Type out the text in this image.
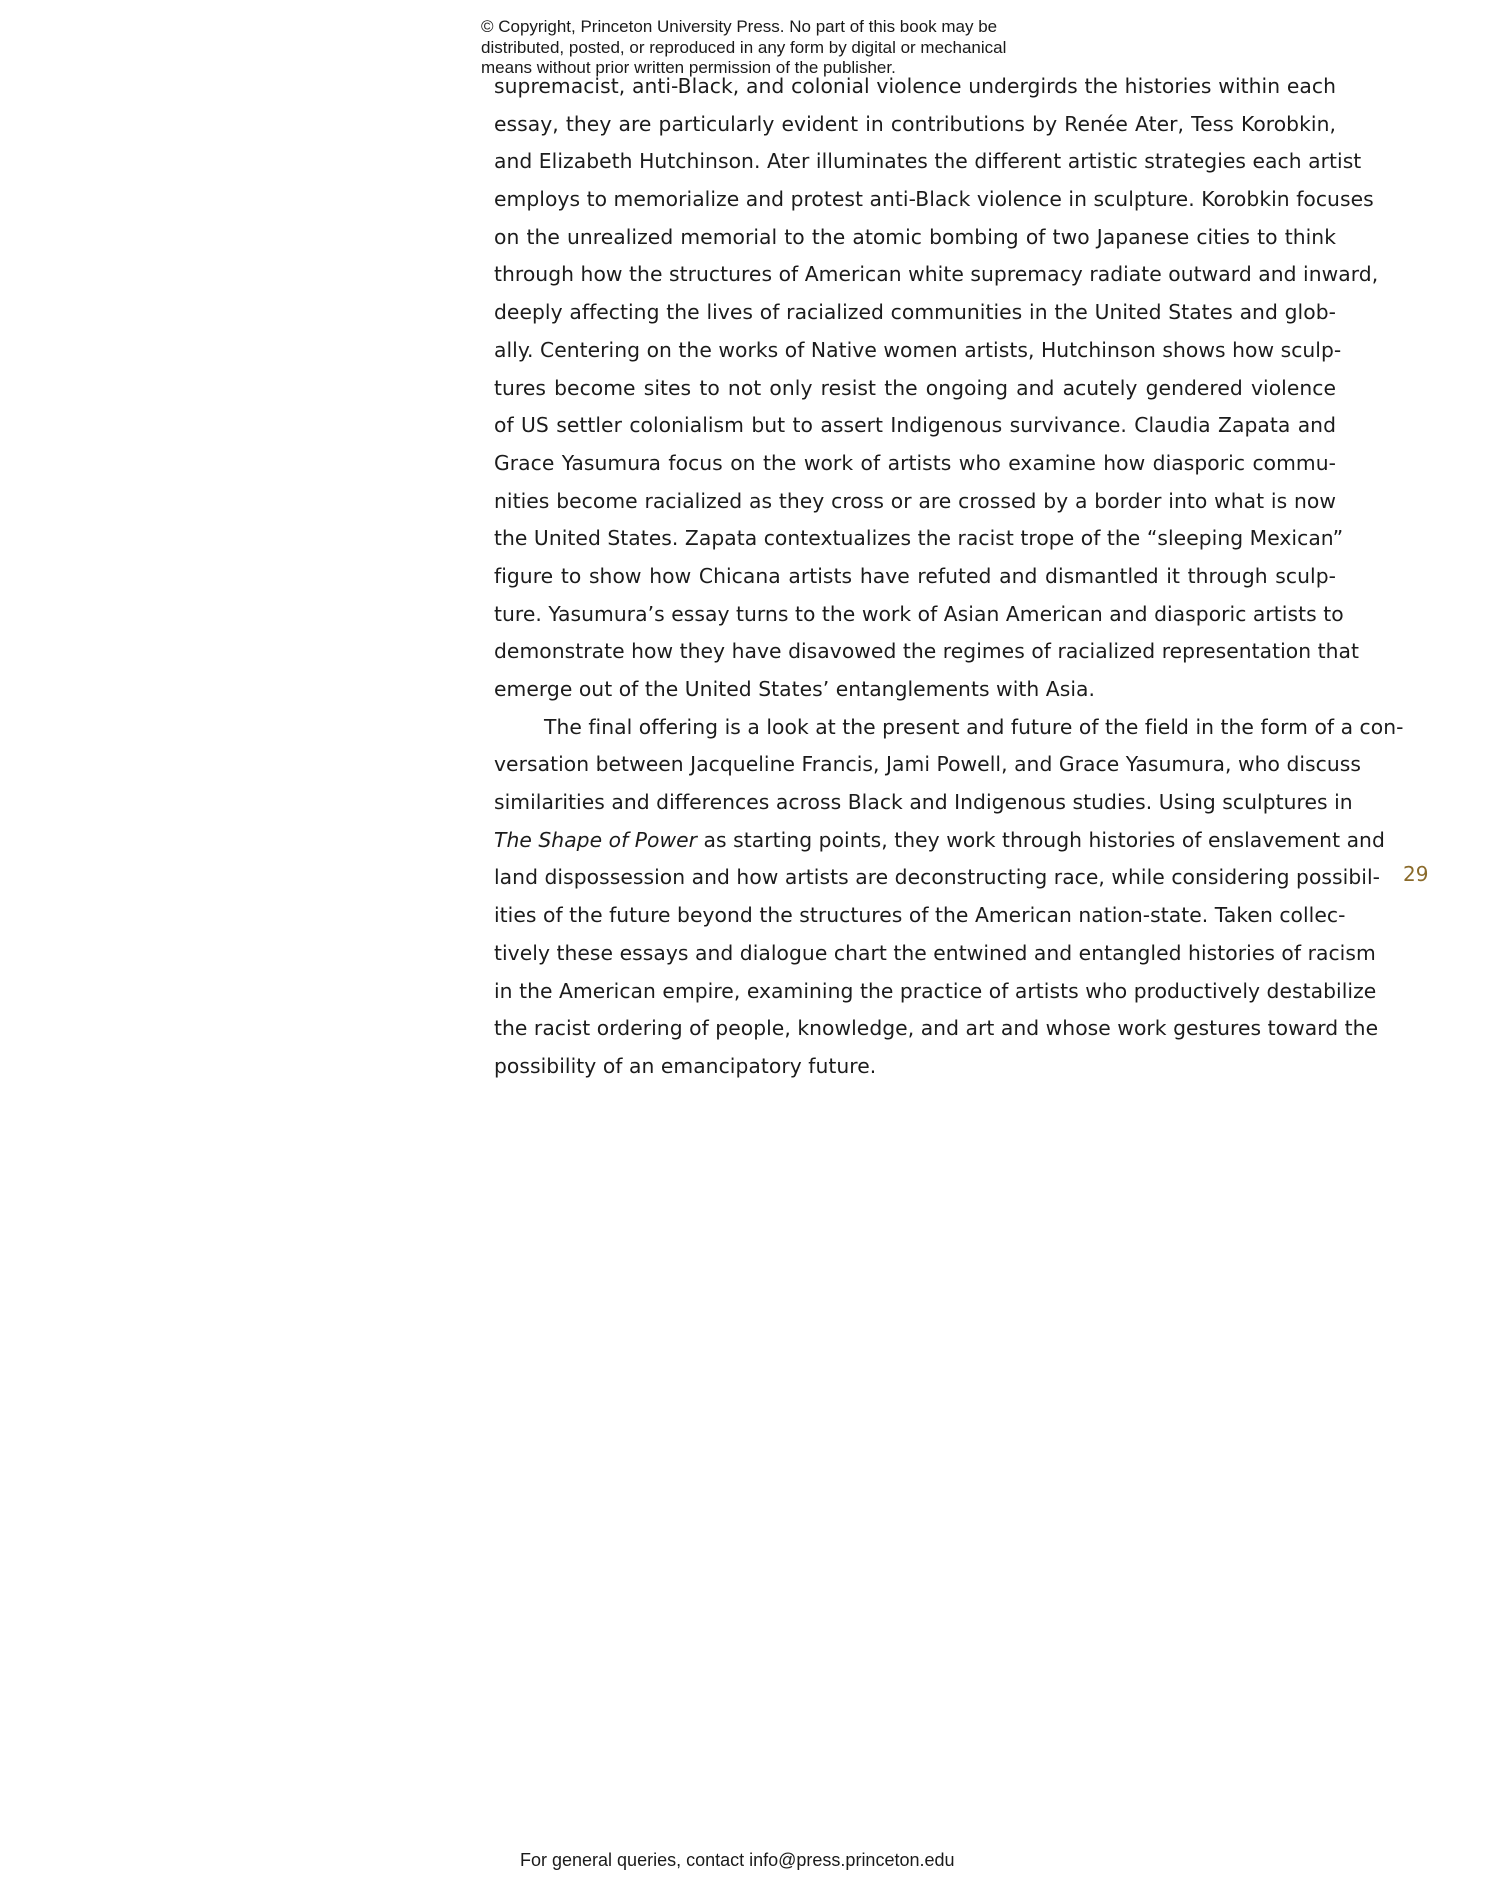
© Copyright, Princeton University Press. No part of this book may be
distributed, posted, or reproduced in any form by digital or mechanical
means without prior written permission of the publisher.
supremacist, anti-Black, and colonial violence undergirds the histories within each
essay, they are particularly evident in contributions by Renée Ater, Tess Korobkin,
and Elizabeth Hutchinson. Ater illuminates the different artistic strategies each artist
employs to memorialize and protest anti-Black violence in sculpture. Korobkin focuses
on the unrealized memorial to the atomic bombing of two Japanese cities to think
through how the structures of American white supremacy radiate outward and inward,
deeply affecting the lives of racialized communities in the United States and glob-
ally. Centering on the works of Native women artists, Hutchinson shows how sculp-
tures become sites to not only resist the ongoing and acutely gendered violence
of US settler colonialism but to assert Indigenous survivance. Claudia Zapata and
Grace Yasumura focus on the work of artists who examine how diasporic commu-
nities become racialized as they cross or are crossed by a border into what is now
the United States. Zapata contextualizes the racist trope of the “sleeping Mexican”
figure to show how Chicana artists have refuted and dismantled it through sculp-
ture. Yasumura’s essay turns to the work of Asian American and diasporic artists to
demonstrate how they have disavowed the regimes of racialized representation that
emerge out of the United States’ entanglements with Asia.
The final offering is a look at the present and future of the field in the form of a con-
versation between Jacqueline Francis, Jami Powell, and Grace Yasumura, who discuss
similarities and differences across Black and Indigenous studies. Using sculptures in
The Shape of Power as starting points, they work through histories of enslavement and
land dispossession and how artists are deconstructing race, while considering possibil-
ities of the future beyond the structures of the American nation-state. Taken collec-
tively these essays and dialogue chart the entwined and entangled histories of racism
in the American empire, examining the practice of artists who productively destabilize
the racist ordering of people, knowledge, and art and whose work gestures toward the
possibility of an emancipatory future.
29
For general queries, contact info@press.princeton.edu
